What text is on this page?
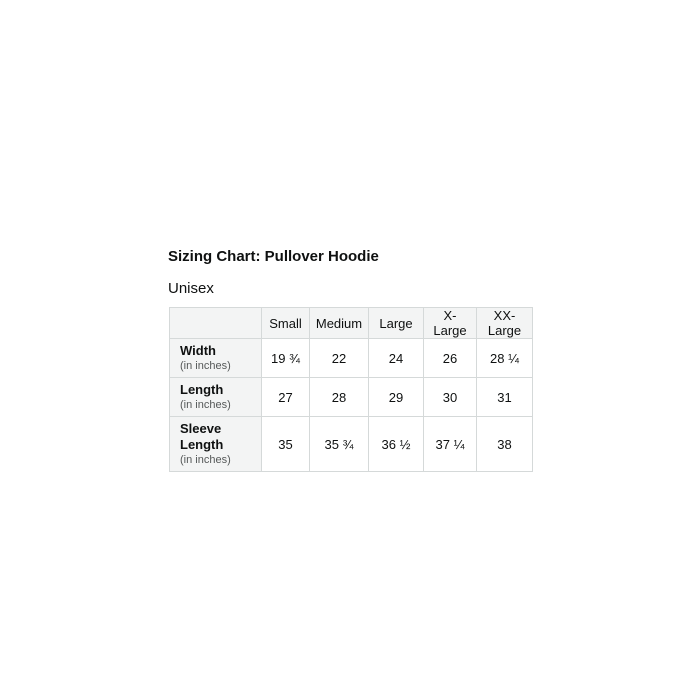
Sizing Chart: Pullover Hoodie
Unisex
	Small	Medium	Large	X-Large	XX-Large

Width
(in inches)	19 ¾	22	24	26	28 ¼

Length
(in inches)	27	28	29	30	31

Sleeve Length
(in inches)	35	35 ¾	36 ½	37 ¼	38
